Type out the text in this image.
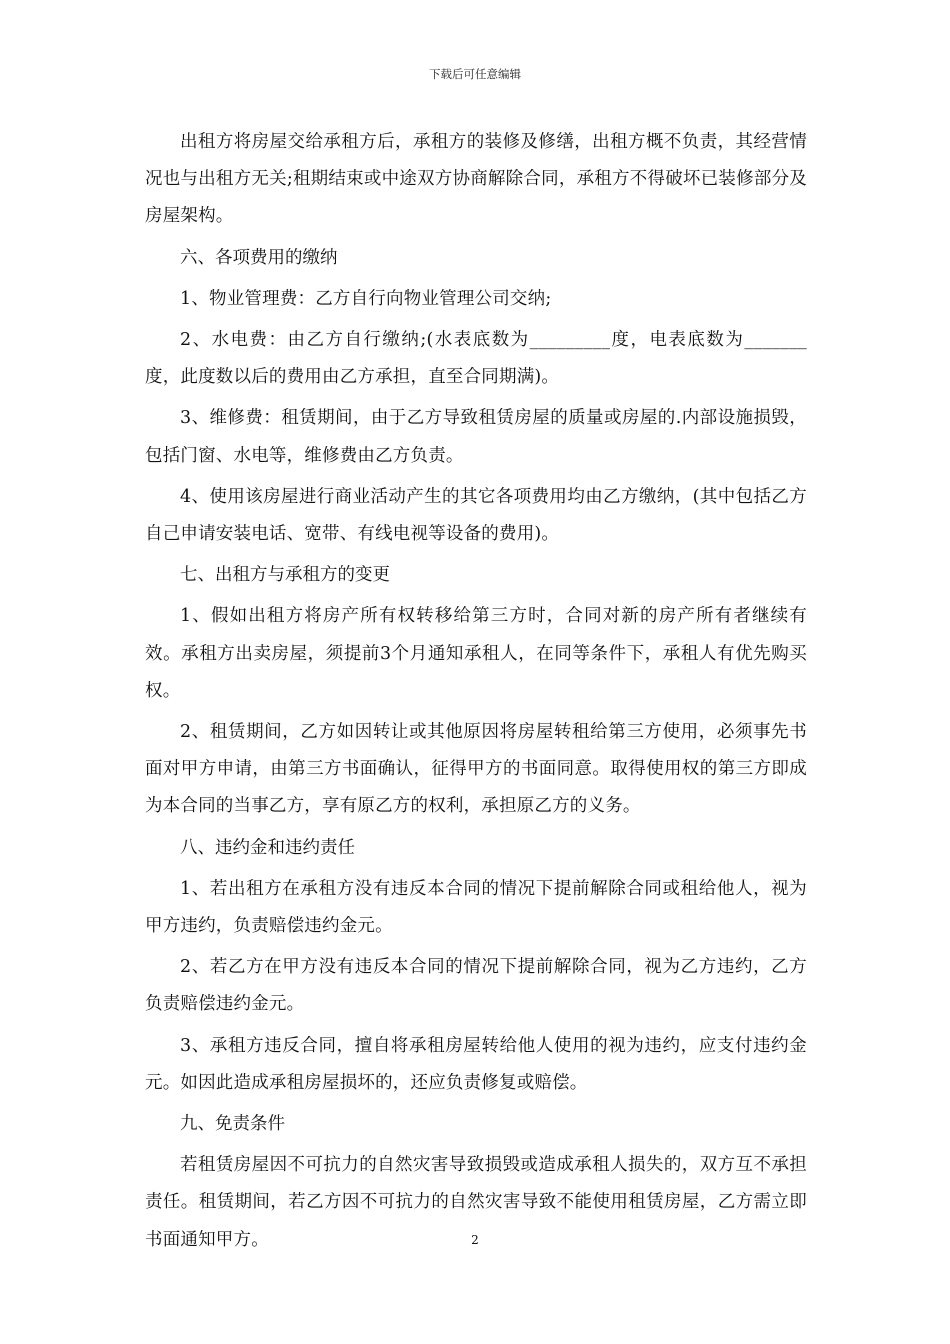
下载后可任意编辑

出租方将房屋交给承租方后，承租方的装修及修缮，出租方概不负责，其经营情况也与出租方无关;租期结束或中途双方协商解除合同，承租方不得破坏已装修部分及房屋架构。

六、各项费用的缴纳

1、物业管理费：乙方自行向物业管理公司交纳;

2、水电费：由乙方自行缴纳;(水表底数为_________度，电表底数为_______度，此度数以后的费用由乙方承担，直至合同期满)。

3、维修费：租赁期间，由于乙方导致租赁房屋的质量或房屋的.内部设施损毁，包括门窗、水电等，维修费由乙方负责。

4、使用该房屋进行商业活动产生的其它各项费用均由乙方缴纳，(其中包括乙方自己申请安装电话、宽带、有线电视等设备的费用)。

七、出租方与承租方的变更

1、假如出租方将房产所有权转移给第三方时，合同对新的房产所有者继续有效。承租方出卖房屋，须提前3个月通知承租人，在同等条件下，承租人有优先购买权。

2、租赁期间，乙方如因转让或其他原因将房屋转租给第三方使用，必须事先书面对甲方申请，由第三方书面确认，征得甲方的书面同意。取得使用权的第三方即成为本合同的当事乙方，享有原乙方的权利，承担原乙方的义务。

八、违约金和违约责任

1、若出租方在承租方没有违反本合同的情况下提前解除合同或租给他人，视为甲方违约，负责赔偿违约金元。

2、若乙方在甲方没有违反本合同的情况下提前解除合同，视为乙方违约，乙方负责赔偿违约金元。

3、承租方违反合同，擅自将承租房屋转给他人使用的视为违约，应支付违约金元。如因此造成承租房屋损坏的，还应负责修复或赔偿。

九、免责条件

若租赁房屋因不可抗力的自然灾害导致损毁或造成承租人损失的，双方互不承担责任。租赁期间，若乙方因不可抗力的自然灾害导致不能使用租赁房屋，乙方需立即书面通知甲方。	2
